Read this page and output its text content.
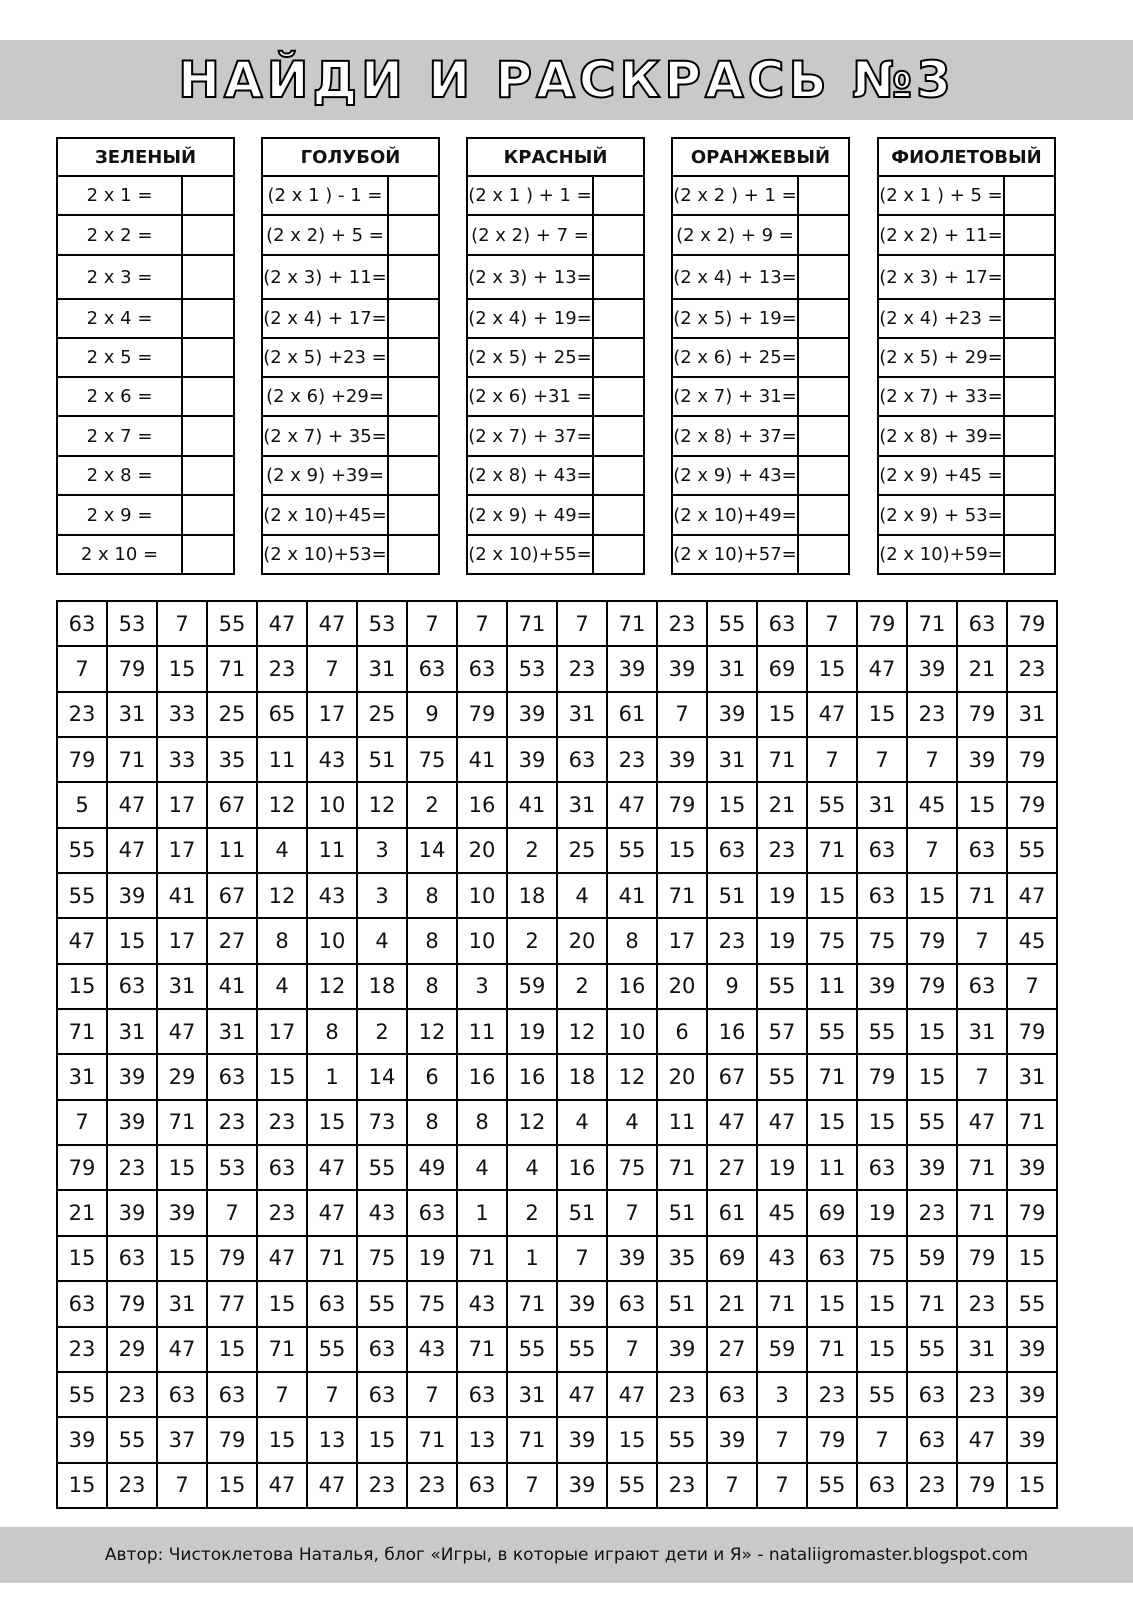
НАЙДИ И РАСКРАСЬ №3
ЗЕЛЕНЫЙ	
2 x 1 =	
2 x 2 =	
2 x 3 =	
2 x 4 =	
2 x 5 =	
2 x 6 =	
2 x 7 =	
2 x 8 =	
2 x 9 =	
2 x 10 =	
ГОЛУБОЙ	
(2 x 1 ) - 1 =	
(2 x 2) + 5 =	
(2 x 3) + 11=	
(2 x 4) + 17=	
(2 x 5) +23 =	
(2 x 6) +29=	
(2 x 7) + 35=	
(2 x 9) +39=	
(2 x 10)+45=	
(2 x 10)+53=	
КРАСНЫЙ	
(2 x 1 ) + 1 =	
(2 x 2) + 7 =	
(2 x 3) + 13=	
(2 x 4) + 19=	
(2 x 5) + 25=	
(2 x 6) +31 =	
(2 x 7) + 37=	
(2 x 8) + 43=	
(2 x 9) + 49=	
(2 x 10)+55=	
ОРАНЖЕВЫЙ	
(2 x 2 ) + 1 =	
(2 x 2) + 9 =	
(2 x 4) + 13=	
(2 x 5) + 19=	
(2 x 6) + 25=	
(2 x 7) + 31=	
(2 x 8) + 37=	
(2 x 9) + 43=	
(2 x 10)+49=	
(2 x 10)+57=	
ФИОЛЕТОВЫЙ	
(2 x 1 ) + 5 =	
(2 x 2) + 11=	
(2 x 3) + 17=	
(2 x 4) +23 =	
(2 x 5) + 29=	
(2 x 7) + 33=	
(2 x 8) + 39=	
(2 x 9) +45 =	
(2 x 9) + 53=	
(2 x 10)+59=	
63	53	7	55	47	47	53	7	7	71	7	71	23	55	63	7	79	71	63	79
7	79	15	71	23	7	31	63	63	53	23	39	39	31	69	15	47	39	21	23
23	31	33	25	65	17	25	9	79	39	31	61	7	39	15	47	15	23	79	31
79	71	33	35	11	43	51	75	41	39	63	23	39	31	71	7	7	7	39	79
5	47	17	67	12	10	12	2	16	41	31	47	79	15	21	55	31	45	15	79
55	47	17	11	4	11	3	14	20	2	25	55	15	63	23	71	63	7	63	55
55	39	41	67	12	43	3	8	10	18	4	41	71	51	19	15	63	15	71	47
47	15	17	27	8	10	4	8	10	2	20	8	17	23	19	75	75	79	7	45
15	63	31	41	4	12	18	8	3	59	2	16	20	9	55	11	39	79	63	7
71	31	47	31	17	8	2	12	11	19	12	10	6	16	57	55	55	15	31	79
31	39	29	63	15	1	14	6	16	16	18	12	20	67	55	71	79	15	7	31
7	39	71	23	23	15	73	8	8	12	4	4	11	47	47	15	15	55	47	71
79	23	15	53	63	47	55	49	4	4	16	75	71	27	19	11	63	39	71	39
21	39	39	7	23	47	43	63	1	2	51	7	51	61	45	69	19	23	71	79
15	63	15	79	47	71	75	19	71	1	7	39	35	69	43	63	75	59	79	15
63	79	31	77	15	63	55	75	43	71	39	63	51	21	71	15	15	71	23	55
23	29	47	15	71	55	63	43	71	55	55	7	39	27	59	71	15	55	31	39
55	23	63	63	7	7	63	7	63	31	47	47	23	63	3	23	55	63	23	39
39	55	37	79	15	13	15	71	13	71	39	15	55	39	7	79	7	63	47	39
15	23	7	15	47	47	23	23	63	7	39	55	23	7	7	55	63	23	79	15
Автор: Чистоклетова Наталья, блог «Игры, в которые играют дети и Я» - nataliigromaster.blogspot.com
